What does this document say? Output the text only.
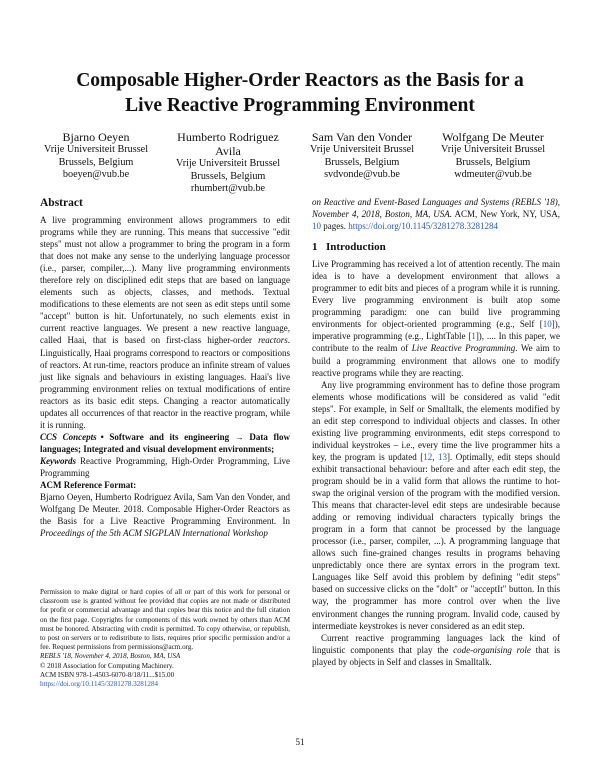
Composable Higher-Order Reactors as the Basis for a
Live Reactive Programming Environment
Bjarno Oeyen
Vrije Universiteit Brussel
Brussels, Belgium
boeyen@vub.be
Humberto Rodriguez
Avila
Vrije Universiteit Brussel
Brussels, Belgium
rhumbert@vub.be
Sam Van den Vonder
Vrije Universiteit Brussel
Brussels, Belgium
svdvonde@vub.be
Wolfgang De Meuter
Vrije Universiteit Brussel
Brussels, Belgium
wdmeuter@vub.be
Abstract

A live programming environment allows programmers to edit programs while they are running. This means that successive "edit steps" must not allow a programmer to bring the program in a form that does not make any sense to the underlying language processor (i.e., parser, compiler,...). Many live programming environments therefore rely on disciplined edit steps that are based on language elements such as objects, classes, and methods. Textual modifications to these elements are not seen as edit steps until some "accept" button is hit. Unfortunately, no such elements exist in current reactive languages. We present a new reactive language, called Haai, that is based on first-class higher-order reactors. Linguistically, Haai programs correspond to reactors or compositions of reactors. At run-time, reactors produce an infinite stream of values just like signals and behaviours in existing languages. Haai's live programming environment relies on textual modifications of entire reactors as its basic edit steps. Changing a reactor automatically updates all occurrences of that reactor in the reactive program, while it is running.

CCS Concepts • Software and its engineering → Data flow languages; Integrated and visual development environments;

Keywords Reactive Programming, High-Order Programming, Live Programming

ACM Reference Format:
Bjarno Oeyen, Humberto Rodriguez Avila, Sam Van den Vonder, and Wolfgang De Meuter. 2018. Composable Higher-Order Reactors as the Basis for a Live Reactive Programming Environment. In Proceedings of the 5th ACM SIGPLAN International Workshop

Permission to make digital or hard copies of all or part of this work for personal or classroom use is granted without fee provided that copies are not made or distributed for profit or commercial advantage and that copies bear this notice and the full citation on the first page. Copyrights for components of this work owned by others than ACM must be honored. Abstracting with credit is permitted. To copy otherwise, or republish, to post on servers or to redistribute to lists, requires prior specific permission and/or a fee. Request permissions from permissions@acm.org.

REBLS '18, November 4, 2018, Boston, MA, USA

© 2018 Association for Computing Machinery.

ACM ISBN 978-1-4503-6070-8/18/11...$15.00

https://doi.org/10.1145/3281278.3281284

on Reactive and Event-Based Languages and Systems (REBLS '18), November 4, 2018, Boston, MA, USA. ACM, New York, NY, USA, 10 pages. https://doi.org/10.1145/3281278.3281284

1 Introduction

Live Programming has received a lot of attention recently. The main idea is to have a development environment that allows a programmer to edit bits and pieces of a program while it is running. Every live programming environment is built atop some programming paradigm: one can build live programming environments for object-oriented programming (e.g., Self [10]), imperative programming (e.g., LightTable [1]), .... In this paper, we contribute to the realm of Live Reactive Programming. We aim to build a programming environment that allows one to modify reactive programs while they are reacting.

Any live programming environment has to define those program elements whose modifications will be considered as valid "edit steps". For example, in Self or Smalltalk, the elements modified by an edit step correspond to individual objects and classes. In other existing live programming environments, edit steps correspond to individual keystrokes – i.e., every time the live programmer hits a key, the program is updated [12, 13]. Optimally, edit steps should exhibit transactional behaviour: before and after each edit step, the program should be in a valid form that allows the runtime to hot-swap the original version of the program with the modified version. This means that character-level edit steps are undesirable because adding or removing individual characters typically brings the program in a form that cannot be processed by the language processor (i.e., parser, compiler, ...). A programming language that allows such fine-grained changes results in programs behaving unpredictably once there are syntax errors in the program text. Languages like Self avoid this problem by defining "edit steps" based on successive clicks on the "doIt" or "acceptIt" button. In this way, the programmer has more control over when the live environment changes the running program. Invalid code, caused by intermediate keystrokes is never considered as an edit step.

Current reactive programming languages lack the kind of linguistic components that play the code-organising role that is played by objects in Self and classes in Smalltalk.

51
